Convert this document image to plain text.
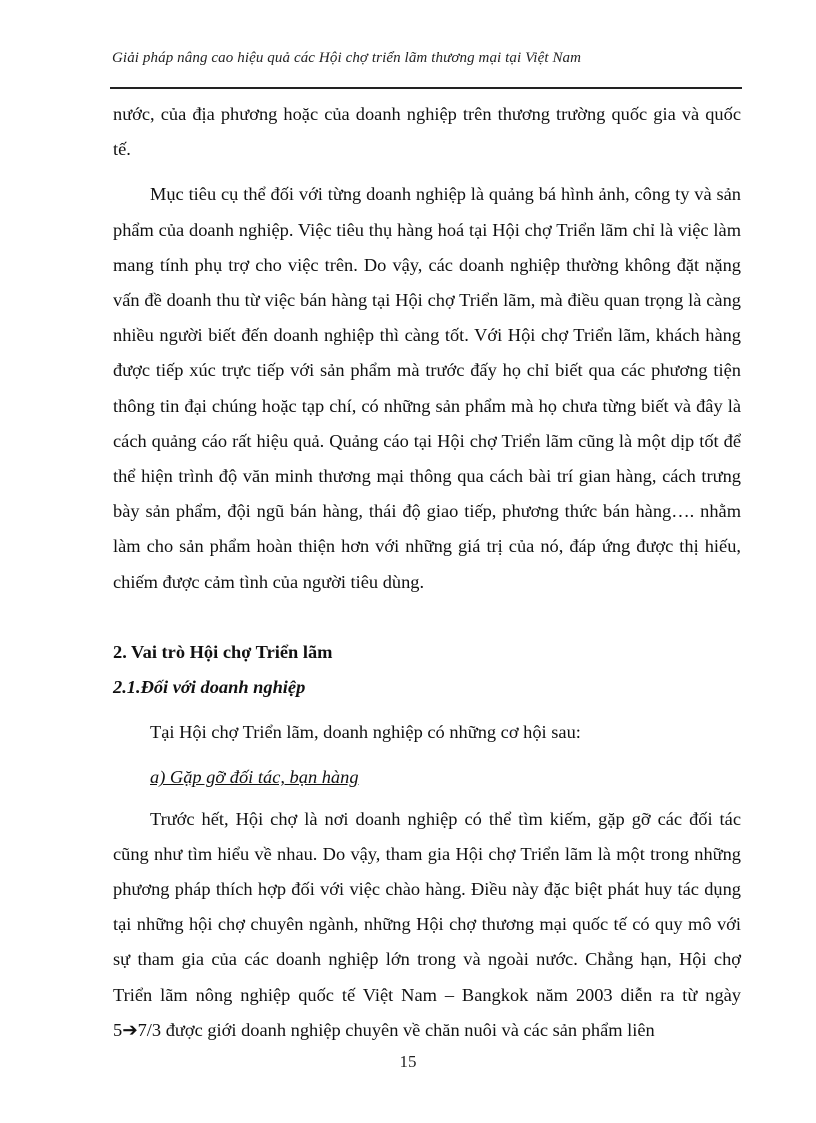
Giải pháp nâng cao hiệu quả các Hội chợ triển lãm thương mại tại Việt Nam

nước, của địa phương hoặc của doanh nghiệp trên thương trường quốc gia và quốc tế.

Mục tiêu cụ thể đối với từng doanh nghiệp là quảng bá hình ảnh, công ty và sản phẩm của doanh nghiệp. Việc tiêu thụ hàng hoá tại Hội chợ Triển lãm chỉ là việc làm mang tính phụ trợ cho việc trên. Do vậy, các doanh nghiệp thường không đặt nặng vấn đề doanh thu từ việc bán hàng tại Hội chợ Triển lãm, mà điều quan trọng là càng nhiều người biết đến doanh nghiệp thì càng tốt. Với Hội chợ Triển lãm, khách hàng được tiếp xúc trực tiếp với sản phẩm mà trước đấy họ chỉ biết qua các phương tiện thông tin đại chúng hoặc tạp chí, có những sản phẩm mà họ chưa từng biết và đây là cách quảng cáo rất hiệu quả. Quảng cáo tại Hội chợ Triển lãm cũng là một dịp tốt để thể hiện trình độ văn minh thương mại thông qua cách bài trí gian hàng, cách trưng bày sản phẩm, đội ngũ bán hàng, thái độ giao tiếp, phương thức bán hàng…. nhằm làm cho sản phẩm hoàn thiện hơn với những giá trị của nó, đáp ứng được thị hiếu, chiếm được cảm tình của người tiêu dùng.

2. Vai trò Hội chợ Triển lãm

2.1.Đối với doanh nghiệp

Tại Hội chợ Triển lãm, doanh nghiệp có những cơ hội sau:

a) Gặp gỡ đối tác, bạn hàng

Trước hết, Hội chợ là nơi doanh nghiệp có thể tìm kiếm, gặp gỡ các đối tác cũng như tìm hiểu về nhau. Do vậy, tham gia Hội chợ Triển lãm là một trong những phương pháp thích hợp đối với việc chào hàng. Điều này đặc biệt phát huy tác dụng tại những hội chợ chuyên ngành, những Hội chợ thương mại quốc tế có quy mô với sự tham gia của các doanh nghiệp lớn trong và ngoài nước. Chẳng hạn, Hội chợ Triển lãm nông nghiệp quốc tế Việt Nam – Bangkok năm 2003 diễn ra từ ngày 5➔7/3 được giới doanh nghiệp chuyên về chăn nuôi và các sản phẩm liên

15
